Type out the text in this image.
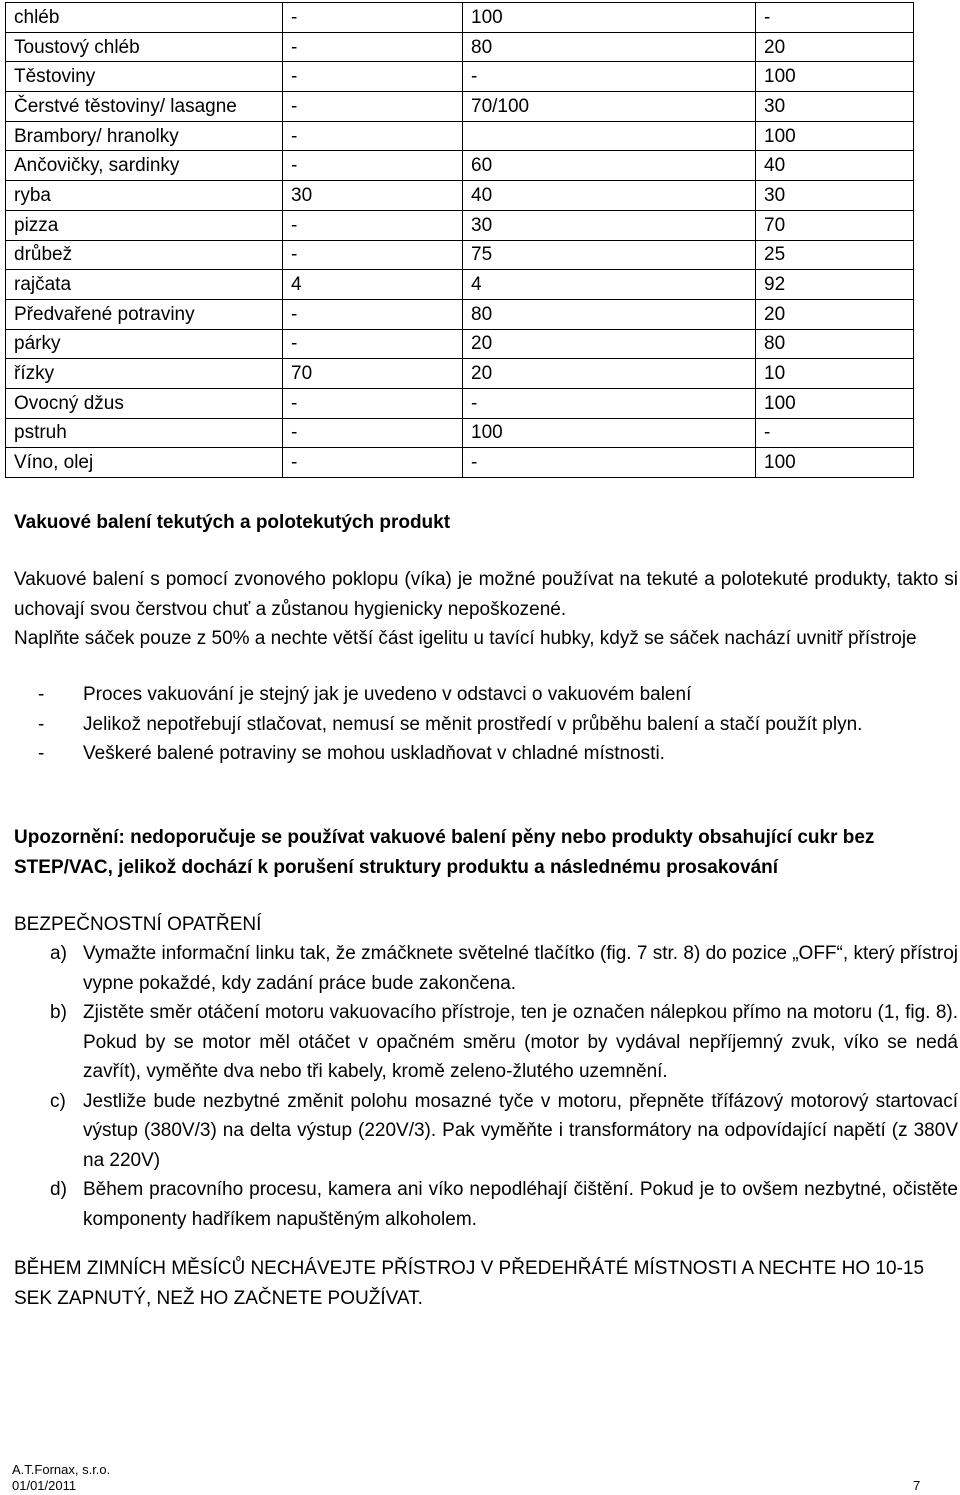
chléb	-	100	-
Toustový chléb	-	80	20
Těstoviny	-	-	100
Čerstvé těstoviny/ lasagne	-	70/100	30
Brambory/ hranolky	-		100
Ančovičky, sardinky	-	60	40
ryba	30	40	30
pizza	-	30	70
drůbež	-	75	25
rajčata	4	4	92
Předvařené potraviny	-	80	20
párky	-	20	80
řízky	70	20	10
Ovocný džus	-	-	100
pstruh	-	100	-
Víno, olej	-	-	100

Vakuové balení tekutých a polotekutých produkt

Vakuové balení s pomocí zvonového poklopu (víka) je možné používat na tekuté a polotekuté produkty, takto si uchovají svou čerstvou chuť a zůstanou hygienicky nepoškozené.

Naplňte sáček pouze z 50% a nechte větší část igelitu u tavící hubky, když se sáček nachází uvnitř přístroje

- Proces vakuování je stejný jak je uvedeno v odstavci o vakuovém balení
- Jelikož nepotřebují stlačovat, nemusí se měnit prostředí v průběhu balení a stačí použít plyn.
- Veškeré balené potraviny se mohou uskladňovat v chladné místnosti.

Upozornění: nedoporučuje se používat vakuové balení pěny nebo produkty obsahující cukr bez STEP/VAC, jelikož dochází k porušení struktury produktu a následnému prosakování

BEZPEČNOSTNÍ OPATŘENÍ

a) Vymažte informační linku tak, že zmáčknete světelné tlačítko (fig. 7 str. 8) do pozice „OFF“, který přístroj vypne pokaždé, kdy zadání práce bude zakončena.
b) Zjistěte směr otáčení motoru vakuovacího přístroje, ten je označen nálepkou přímo na motoru (1, fig. 8). Pokud by se motor měl otáčet v opačném směru (motor by vydával nepříjemný zvuk, víko se nedá zavřít), vyměňte dva nebo tři kabely, kromě zeleno-žlutého uzemnění.
c) Jestliže bude nezbytné změnit polohu mosazné tyče v motoru, přepněte třífázový motorový startovací výstup (380V/3) na delta výstup (220V/3). Pak vyměňte i transformátory na odpovídající napětí (z 380V na 220V)
d) Během pracovního procesu, kamera ani víko nepodléhají čištění. Pokud je to ovšem nezbytné, očistěte komponenty hadříkem napuštěným alkoholem.

BĚHEM ZIMNÍCH MĚSÍCŮ NECHÁVEJTE PŘÍSTROJ V PŘEDEHŘÁTÉ MÍSTNOSTI A NECHTE HO 10-15 SEK ZAPNUTÝ, NEŽ HO ZAČNETE POUŽÍVAT.

A.T.Fornax, s.r.o.
01/01/2011	7
